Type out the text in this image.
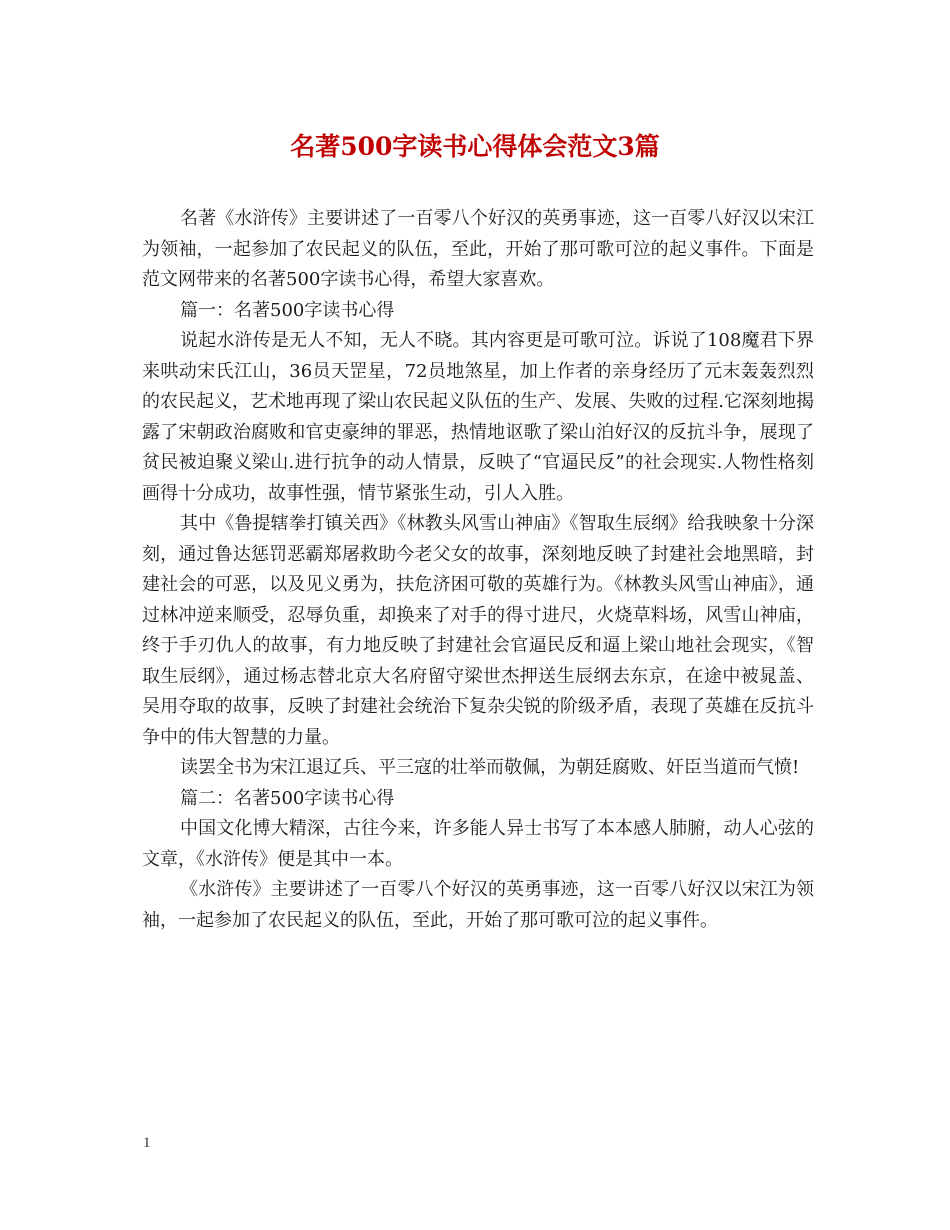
名著500字读书心得体会范文3篇

名著《水浒传》主要讲述了一百零八个好汉的英勇事迹，这一百零八好汉以宋江为领袖，一起参加了农民起义的队伍，至此，开始了那可歌可泣的起义事件。下面是范文网带来的名著500字读书心得，希望大家喜欢。

篇一：名著500字读书心得

说起水浒传是无人不知，无人不晓。其内容更是可歌可泣。诉说了108魔君下界来哄动宋氏江山，36员天罡星，72员地煞星，加上作者的亲身经历了元末轰轰烈烈的农民起义，艺术地再现了梁山农民起义队伍的生产、发展、失败的过程.它深刻地揭露了宋朝政治腐败和官吏豪绅的罪恶，热情地讴歌了梁山泊好汉的反抗斗争，展现了贫民被迫聚义梁山.进行抗争的动人情景，反映了“官逼民反”的社会现实.人物性格刻画得十分成功，故事性强，情节紧张生动，引人入胜。

其中《鲁提辖拳打镇关西》《林教头风雪山神庙》《智取生辰纲》给我映象十分深刻，通过鲁达惩罚恶霸郑屠救助今老父女的故事，深刻地反映了封建社会地黑暗，封建社会的可恶，以及见义勇为，扶危济困可敬的英雄行为。《林教头风雪山神庙》，通过林冲逆来顺受，忍辱负重，却换来了对手的得寸进尺，火烧草料场，风雪山神庙，终于手刃仇人的故事，有力地反映了封建社会官逼民反和逼上梁山地社会现实，《智取生辰纲》，通过杨志替北京大名府留守梁世杰押送生辰纲去东京，在途中被晁盖、吴用夺取的故事，反映了封建社会统治下复杂尖锐的阶级矛盾，表现了英雄在反抗斗争中的伟大智慧的力量。

读罢全书为宋江退辽兵、平三寇的壮举而敬佩，为朝廷腐败、奸臣当道而气愤!

篇二：名著500字读书心得

中国文化博大精深，古往今来，许多能人异士书写了本本感人肺腑，动人心弦的文章，《水浒传》便是其中一本。

《水浒传》主要讲述了一百零八个好汉的英勇事迹，这一百零八好汉以宋江为领袖，一起参加了农民起义的队伍，至此，开始了那可歌可泣的起义事件。

1
